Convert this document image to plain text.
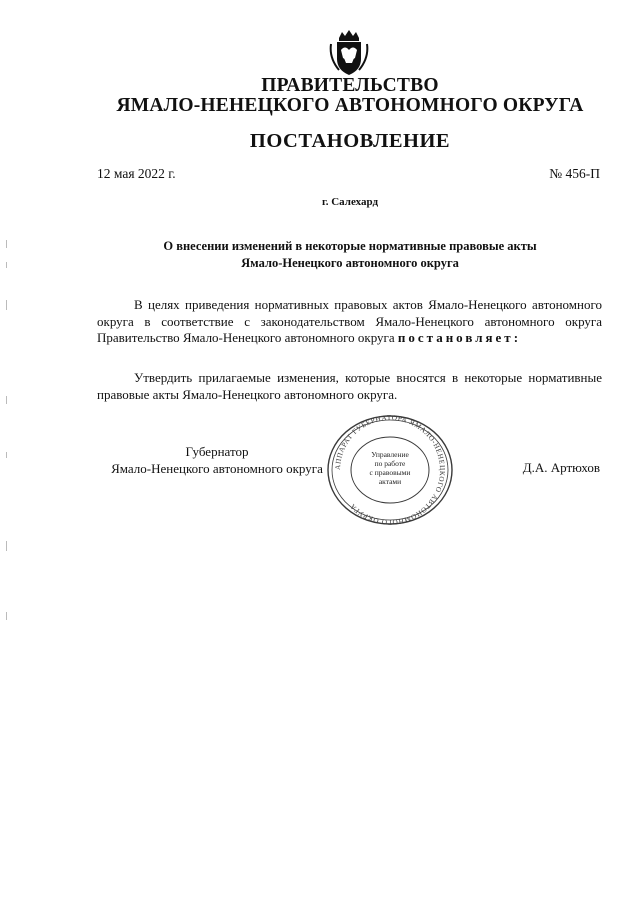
ПРАВИТЕЛЬСТВО
ЯМАЛО-НЕНЕЦКОГО АВТОНОМНОГО ОКРУГА
ПОСТАНОВЛЕНИЕ
12 мая 2022 г.	№ 456-П
г. Салехард
О внесении изменений в некоторые нормативные правовые акты
Ямало-Ненецкого автономного округа
В целях приведения нормативных правовых актов Ямало-Ненецкого автономного округа в соответствие с законодательством Ямало-Ненецкого автономного округа Правительство Ямало-Ненецкого автономного округа постановляет:
Утвердить прилагаемые изменения, которые вносятся в некоторые нормативные правовые акты Ямало-Ненецкого автономного округа.
Губернатор
Ямало-Ненецкого автономного округа	Д.А. Артюхов
АППАРАТ ГУБЕРНАТОРА ЯМАЛО-НЕНЕЦКОГО АВТОНОМНОГО ОКРУГА
Управление
по работе
с правовыми
актами
